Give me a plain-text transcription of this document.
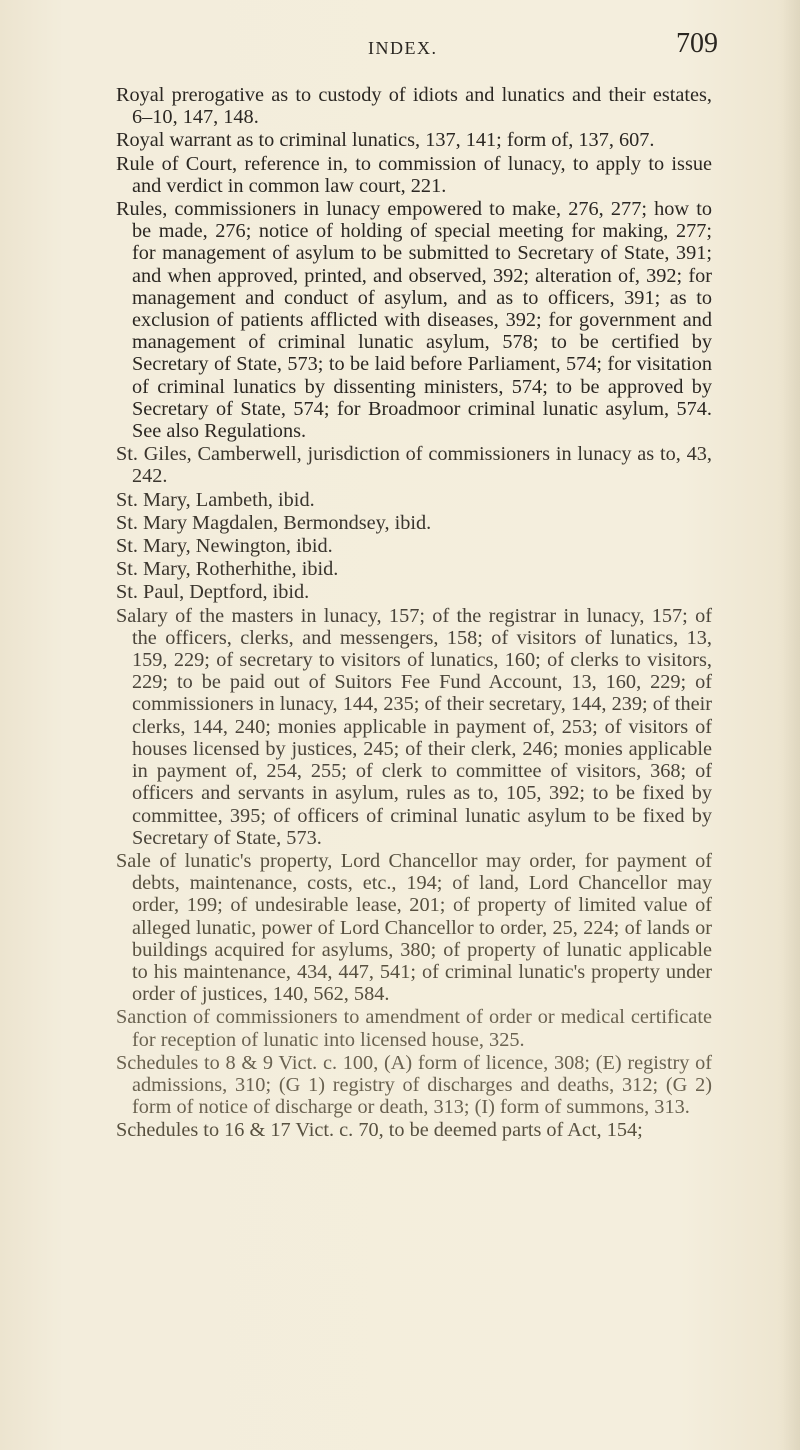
INDEX.	709

Royal prerogative as to custody of idiots and lunatics and their estates, 6–10, 147, 148.

Royal warrant as to criminal lunatics, 137, 141; form of, 137, 607.

Rule of Court, reference in, to commission of lunacy, to apply to issue and verdict in common law court, 221.

Rules, commissioners in lunacy empowered to make, 276, 277; how to be made, 276; notice of holding of special meeting for making, 277; for management of asylum to be submitted to Secretary of State, 391; and when approved, printed, and observed, 392; alteration of, 392; for management and conduct of asylum, and as to officers, 391; as to exclusion of patients afflicted with diseases, 392; for government and management of criminal lunatic asylum, 578; to be certified by Secretary of State, 573; to be laid before Parliament, 574; for visitation of criminal lunatics by dissenting ministers, 574; to be approved by Secretary of State, 574; for Broadmoor criminal lunatic asylum, 574. See also Regulations.

St. Giles, Camberwell, jurisdiction of commissioners in lunacy as to, 43, 242.

St. Mary, Lambeth, ibid.

St. Mary Magdalen, Bermondsey, ibid.

St. Mary, Newington, ibid.

St. Mary, Rotherhithe, ibid.

St. Paul, Deptford, ibid.

Salary of the masters in lunacy, 157; of the registrar in lunacy, 157; of the officers, clerks, and messengers, 158; of visitors of lunatics, 13, 159, 229; of secretary to visitors of lunatics, 160; of clerks to visitors, 229; to be paid out of Suitors Fee Fund Account, 13, 160, 229; of commissioners in lunacy, 144, 235; of their secretary, 144, 239; of their clerks, 144, 240; monies applicable in payment of, 253; of visitors of houses licensed by justices, 245; of their clerk, 246; monies applicable in payment of, 254, 255; of clerk to committee of visitors, 368; of officers and servants in asylum, rules as to, 105, 392; to be fixed by committee, 395; of officers of criminal lunatic asylum to be fixed by Secretary of State, 573.

Sale of lunatic's property, Lord Chancellor may order, for payment of debts, maintenance, costs, etc., 194; of land, Lord Chancellor may order, 199; of undesirable lease, 201; of property of limited value of alleged lunatic, power of Lord Chancellor to order, 25, 224; of lands or buildings acquired for asylums, 380; of property of lunatic applicable to his maintenance, 434, 447, 541; of criminal lunatic's property under order of justices, 140, 562, 584.

Sanction of commissioners to amendment of order or medical certificate for reception of lunatic into licensed house, 325.

Schedules to 8 & 9 Vict. c. 100, (A) form of licence, 308; (E) registry of admissions, 310; (G 1) registry of discharges and deaths, 312; (G 2) form of notice of discharge or death, 313; (I) form of summons, 313.

Schedules to 16 & 17 Vict. c. 70, to be deemed parts of Act, 154;
